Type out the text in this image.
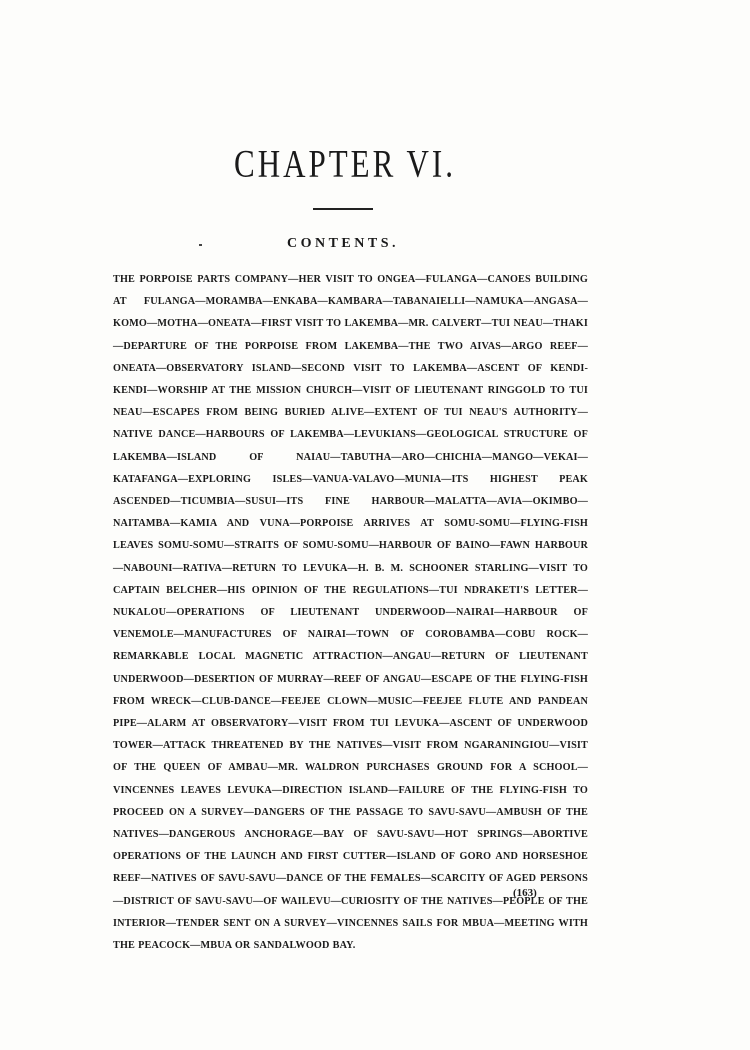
CHAPTER VI.
CONTENTS.
THE PORPOISE PARTS COMPANY—HER VISIT TO ONGEA—FULANGA—CANOES BUILDING AT FULANGA—MORAMBA—ENKABA—KAMBARA—TABANAIELLI—NAMUKA—ANGASA—KOMO—MOTHA—ONEATA—FIRST VISIT TO LAKEMBA—MR. CALVERT—TUI NEAU—THAKI—DEPARTURE OF THE PORPOISE FROM LAKEMBA—THE TWO AIVAS—ARGO REEF—ONEATA—OBSERVATORY ISLAND—SECOND VISIT TO LAKEMBA—ASCENT OF KENDI-KENDI—WORSHIP AT THE MISSION CHURCH—VISIT OF LIEUTENANT RINGGOLD TO TUI NEAU—ESCAPES FROM BEING BURIED ALIVE—EXTENT OF TUI NEAU'S AUTHORITY—NATIVE DANCE—HARBOURS OF LAKEMBA—LEVUKIANS—GEOLOGICAL STRUCTURE OF LAKEMBA—ISLAND OF NAIAU—TABUTHA—ARO—CHICHIA—MANGO—VEKAI—KATAFANGA—EXPLORING ISLES—VANUA-VALAVO—MUNIA—ITS HIGHEST PEAK ASCENDED—TICUMBIA—SUSUI—ITS FINE HARBOUR—MALATTA—AVIA—OKIMBO—NAITAMBA—KAMIA AND VUNA—PORPOISE ARRIVES AT SOMU-SOMU—FLYING-FISH LEAVES SOMU-SOMU—STRAITS OF SOMU-SOMU—HARBOUR OF BAINO—FAWN HARBOUR—NABOUNI—RATIVA—RETURN TO LEVUKA—H. B. M. SCHOONER STARLING—VISIT TO CAPTAIN BELCHER—HIS OPINION OF THE REGULATIONS—TUI NDRAKETI'S LETTER—NUKALOU—OPERATIONS OF LIEUTENANT UNDERWOOD—NAIRAI—HARBOUR OF VENEMOLE—MANUFACTURES OF NAIRAI—TOWN OF COROBAMBA—COBU ROCK—REMARKABLE LOCAL MAGNETIC ATTRACTION—ANGAU—RETURN OF LIEUTENANT UNDERWOOD—DESERTION OF MURRAY—REEF OF ANGAU—ESCAPE OF THE FLYING-FISH FROM WRECK—CLUB-DANCE—FEEJEE CLOWN—MUSIC—FEEJEE FLUTE AND PANDEAN PIPE—ALARM AT OBSERVATORY—VISIT FROM TUI LEVUKA—ASCENT OF UNDERWOOD TOWER—ATTACK THREATENED BY THE NATIVES—VISIT FROM NGARANINGIOU—VISIT OF THE QUEEN OF AMBAU—MR. WALDRON PURCHASES GROUND FOR A SCHOOL—VINCENNES LEAVES LEVUKA—DIRECTION ISLAND—FAILURE OF THE FLYING-FISH TO PROCEED ON A SURVEY—DANGERS OF THE PASSAGE TO SAVU-SAVU—AMBUSH OF THE NATIVES—DANGEROUS ANCHORAGE—BAY OF SAVU-SAVU—HOT SPRINGS—ABORTIVE OPERATIONS OF THE LAUNCH AND FIRST CUTTER—ISLAND OF GORO AND HORSESHOE REEF—NATIVES OF SAVU-SAVU—DANCE OF THE FEMALES—SCARCITY OF AGED PERSONS—DISTRICT OF SAVU-SAVU—OF WAILEVU—CURIOSITY OF THE NATIVES—PEOPLE OF THE INTERIOR—TENDER SENT ON A SURVEY—VINCENNES SAILS FOR MBUA—MEETING WITH THE PEACOCK—MBUA OR SANDALWOOD BAY.
(163)
